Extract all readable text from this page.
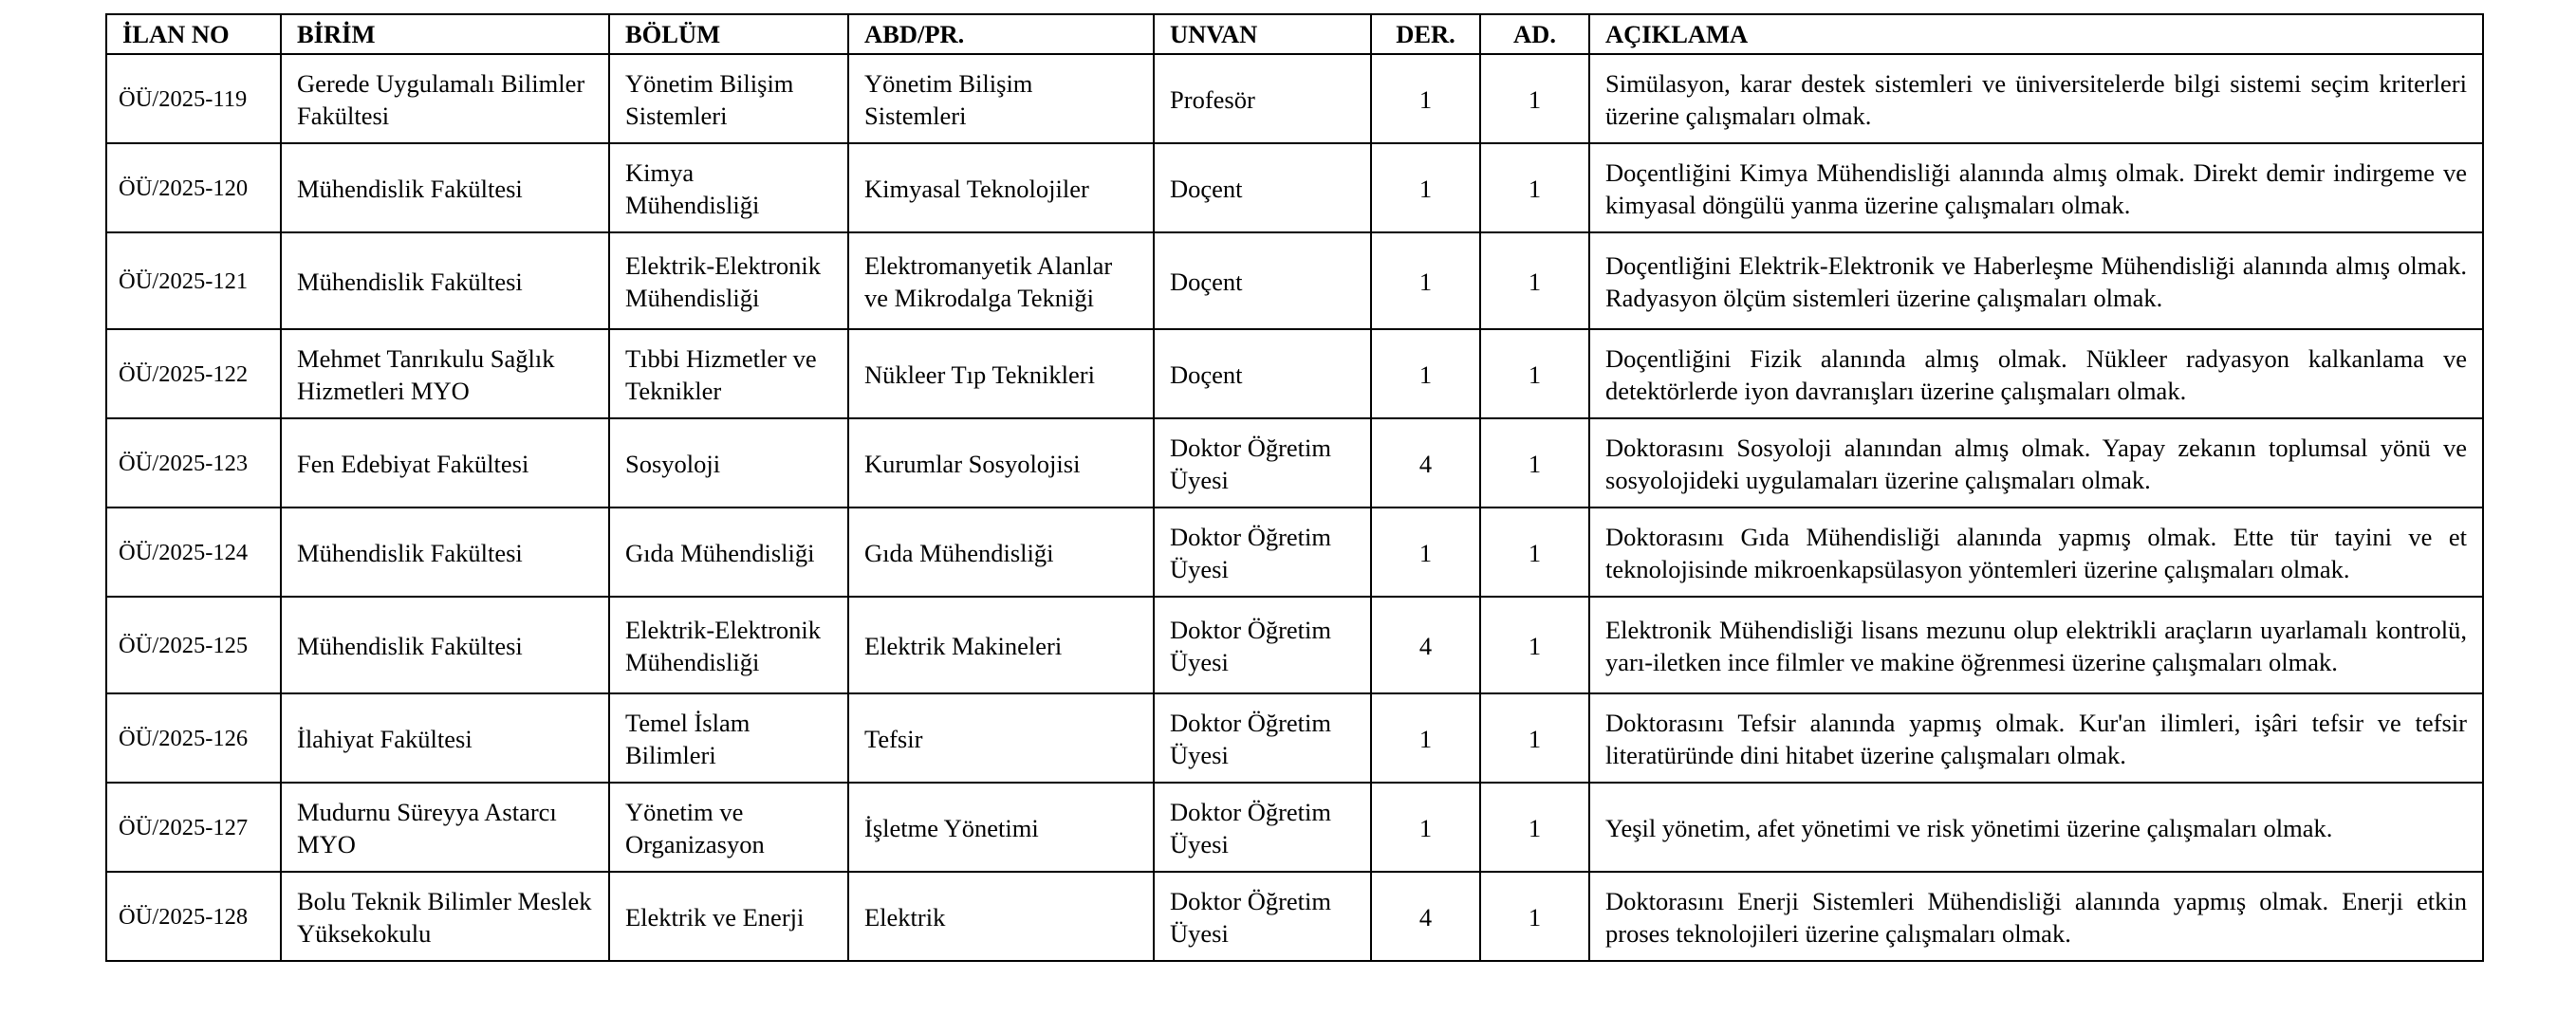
İLAN NO	BİRİM	BÖLÜM	ABD/PR.	UNVAN	DER.	AD.	AÇIKLAMA
ÖÜ/2025-119	Gerede Uygulamalı Bilimler Fakültesi	Yönetim Bilişim Sistemleri	Yönetim Bilişim Sistemleri	Profesör	1	1	Simülasyon, karar destek sistemleri ve üniversitelerde bilgi sistemi seçim kriterleri üzerine çalışmaları olmak.
ÖÜ/2025-120	Mühendislik Fakültesi	Kimya Mühendisliği	Kimyasal Teknolojiler	Doçent	1	1	Doçentliğini Kimya Mühendisliği alanında almış olmak. Direkt demir indirgeme ve kimyasal döngülü yanma üzerine çalışmaları olmak.
ÖÜ/2025-121	Mühendislik Fakültesi	Elektrik-Elektronik Mühendisliği	Elektromanyetik Alanlar ve Mikrodalga Tekniği	Doçent	1	1	Doçentliğini Elektrik-Elektronik ve Haberleşme Mühendisliği alanında almış olmak. Radyasyon ölçüm sistemleri üzerine çalışmaları olmak.
ÖÜ/2025-122	Mehmet Tanrıkulu Sağlık Hizmetleri MYO	Tıbbi Hizmetler ve Teknikler	Nükleer Tıp Teknikleri	Doçent	1	1	Doçentliğini Fizik alanında almış olmak. Nükleer radyasyon kalkanlama ve detektörlerde iyon davranışları üzerine çalışmaları olmak.
ÖÜ/2025-123	Fen Edebiyat Fakültesi	Sosyoloji	Kurumlar Sosyolojisi	Doktor Öğretim Üyesi	4	1	Doktorasını Sosyoloji alanından almış olmak. Yapay zekanın toplumsal yönü ve sosyolojideki uygulamaları üzerine çalışmaları olmak.
ÖÜ/2025-124	Mühendislik Fakültesi	Gıda Mühendisliği	Gıda Mühendisliği	Doktor Öğretim Üyesi	1	1	Doktorasını Gıda Mühendisliği alanında yapmış olmak. Ette tür tayini ve et teknolojisinde mikroenkapsülasyon yöntemleri üzerine çalışmaları olmak.
ÖÜ/2025-125	Mühendislik Fakültesi	Elektrik-Elektronik Mühendisliği	Elektrik Makineleri	Doktor Öğretim Üyesi	4	1	Elektronik Mühendisliği lisans mezunu olup elektrikli araçların uyarlamalı kontrolü, yarı-iletken ince filmler ve makine öğrenmesi üzerine çalışmaları olmak.
ÖÜ/2025-126	İlahiyat Fakültesi	Temel İslam Bilimleri	Tefsir	Doktor Öğretim Üyesi	1	1	Doktorasını Tefsir alanında yapmış olmak. Kur'an ilimleri, işâri tefsir ve tefsir literatüründe dini hitabet üzerine çalışmaları olmak.
ÖÜ/2025-127	Mudurnu Süreyya Astarcı MYO	Yönetim ve Organizasyon	İşletme Yönetimi	Doktor Öğretim Üyesi	1	1	Yeşil yönetim, afet yönetimi ve risk yönetimi üzerine çalışmaları olmak.
ÖÜ/2025-128	Bolu Teknik Bilimler Meslek Yüksekokulu	Elektrik ve Enerji	Elektrik	Doktor Öğretim Üyesi	4	1	Doktorasını Enerji Sistemleri Mühendisliği alanında yapmış olmak. Enerji etkin proses teknolojileri üzerine çalışmaları olmak.
